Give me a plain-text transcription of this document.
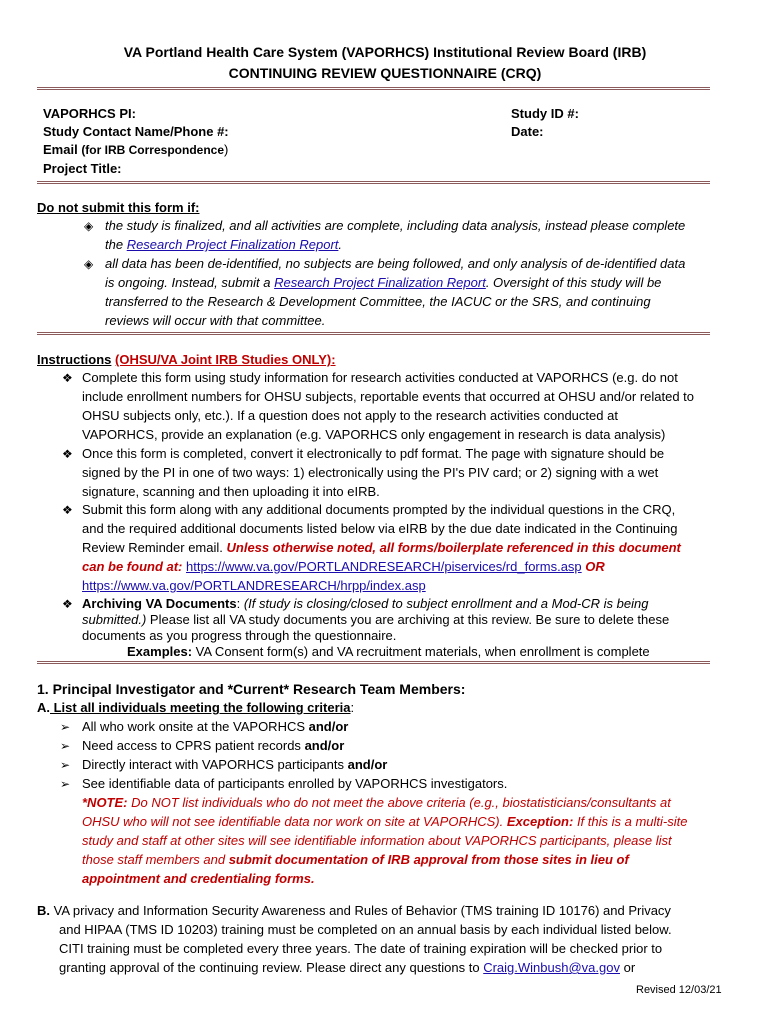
VA Portland Health Care System (VAPORHCS) Institutional Review Board (IRB)
CONTINUING REVIEW QUESTIONNAIRE (CRQ)
VAPORHCS PI:
Study Contact Name/Phone #:
Email (for IRB Correspondence)
Project Title:
Study ID #:
Date:
Do not submit this form if:
◈ the study is finalized, and all activities are complete, including data analysis, instead please complete
the Research Project Finalization Report.
◈ all data has been de-identified, no subjects are being followed, and only analysis of de-identified data
is ongoing. Instead, submit a Research Project Finalization Report. Oversight of this study will be
transferred to the Research & Development Committee, the IACUC or the SRS, and continuing
reviews will occur with that committee.
Instructions (OHSU/VA Joint IRB Studies ONLY):
❖ Complete this form using study information for research activities conducted at VAPORHCS (e.g. do not
include enrollment numbers for OHSU subjects, reportable events that occurred at OHSU and/or related to
OHSU subjects only, etc.). If a question does not apply to the research activities conducted at
VAPORHCS, provide an explanation (e.g. VAPORHCS only engagement in research is data analysis)
❖ Once this form is completed, convert it electronically to pdf format. The page with signature should be
signed by the PI in one of two ways: 1) electronically using the PI's PIV card; or 2) signing with a wet
signature, scanning and then uploading it into eIRB.
❖ Submit this form along with any additional documents prompted by the individual questions in the CRQ,
and the required additional documents listed below via eIRB by the due date indicated in the Continuing
Review Reminder email. Unless otherwise noted, all forms/boilerplate referenced in this document
can be found at: https://www.va.gov/PORTLANDRESEARCH/piservices/rd_forms.asp OR
https://www.va.gov/PORTLANDRESEARCH/hrpp/index.asp
❖ Archiving VA Documents: (If study is closing/closed to subject enrollment and a Mod-CR is being
submitted.) Please list all VA study documents you are archiving at this review. Be sure to delete these
documents as you progress through the questionnaire.
Examples: VA Consent form(s) and VA recruitment materials, when enrollment is complete
1. Principal Investigator and *Current* Research Team Members:
A. List all individuals meeting the following criteria:
➢ All who work onsite at the VAPORHCS and/or
➢ Need access to CPRS patient records and/or
➢ Directly interact with VAPORHCS participants and/or
➢ See identifiable data of participants enrolled by VAPORHCS investigators.
*NOTE: Do NOT list individuals who do not meet the above criteria (e.g., biostatisticians/consultants at
OHSU who will not see identifiable data nor work on site at VAPORHCS). Exception: If this is a multi-site
study and staff at other sites will see identifiable information about VAPORHCS participants, please list
those staff members and submit documentation of IRB approval from those sites in lieu of
appointment and credentialing forms.
B. VA privacy and Information Security Awareness and Rules of Behavior (TMS training ID 10176) and Privacy
and HIPAA (TMS ID 10203) training must be completed on an annual basis by each individual listed below.
CITI training must be completed every three years. The date of training expiration will be checked prior to
granting approval of the continuing review. Please direct any questions to Craig.Winbush@va.gov or
Revised 12/03/21
